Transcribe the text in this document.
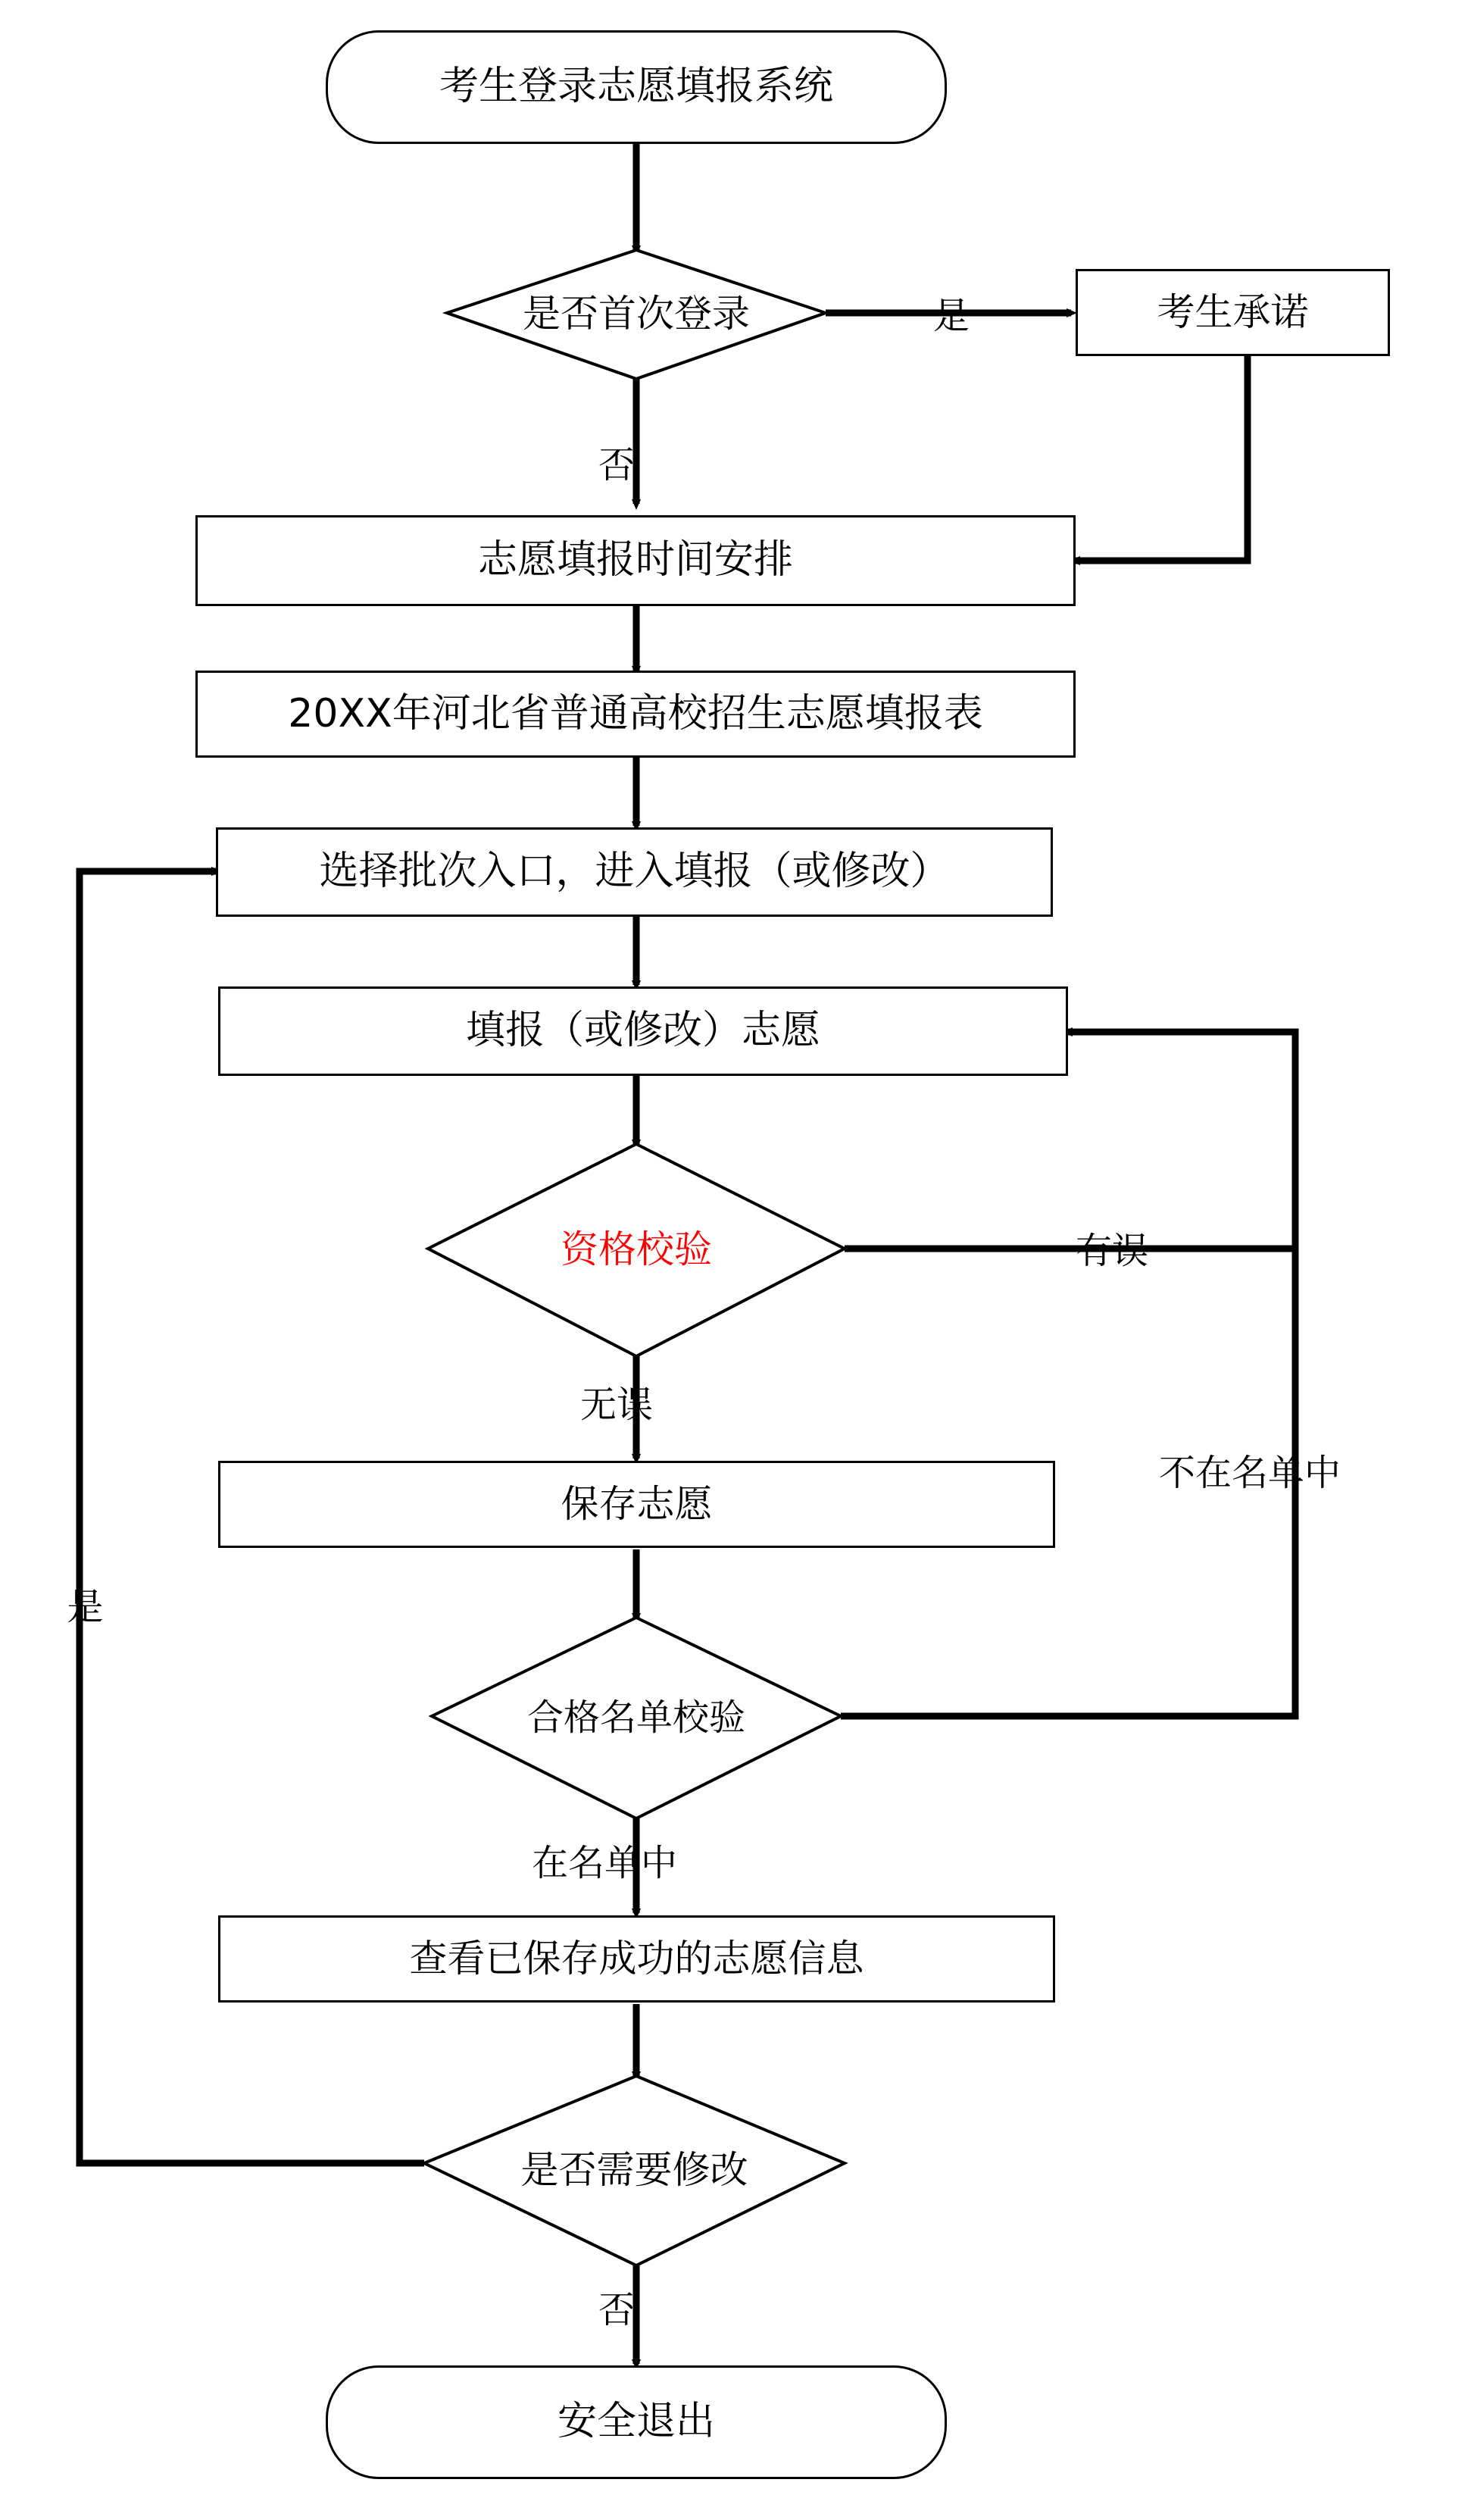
考生登录志愿填报系统
是否首次登录	考生承诺
志愿填报时间安排
20XX年河北省普通高校招生志愿填报表
选择批次入口，进入填报（或修改）
填报（或修改）志愿
资格校验
保存志愿
合格名单校验
查看已保存成功的志愿信息
是否需要修改
安全退出
是
否
有误
无误
不在名单中
在名单中
是
否
